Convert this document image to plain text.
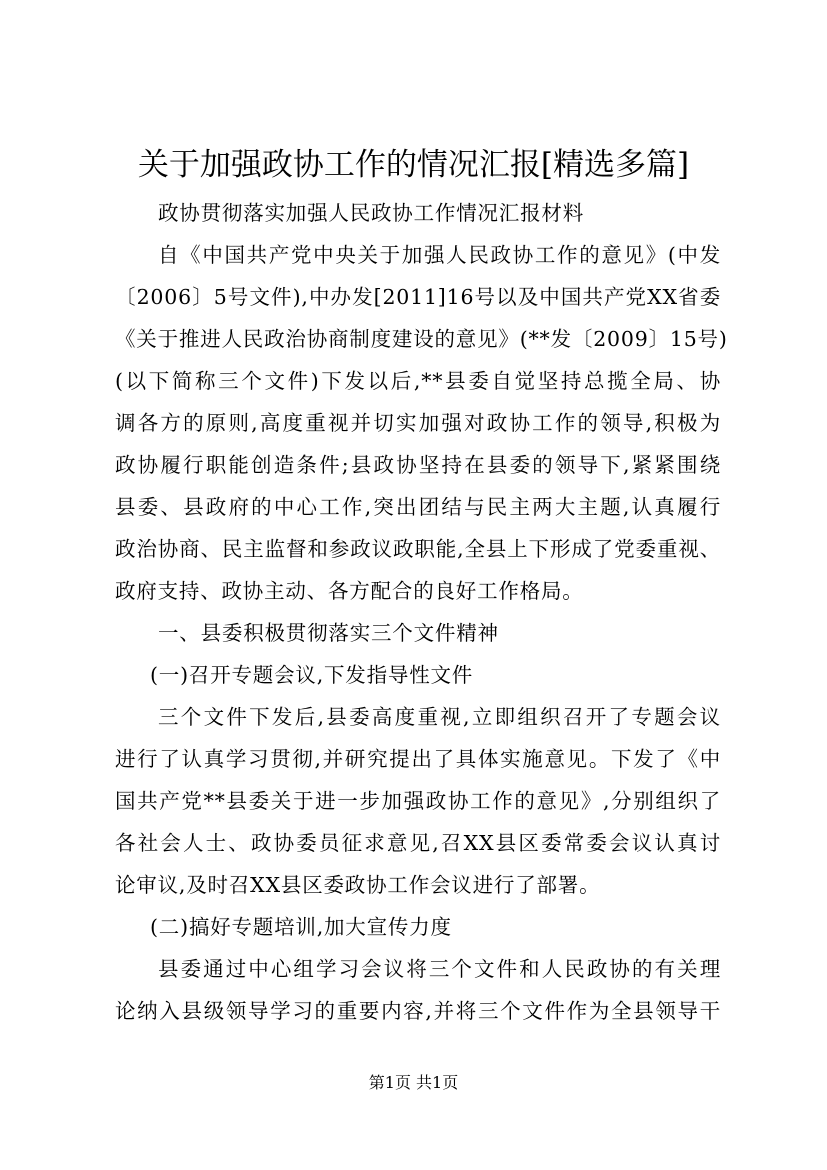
关于加强政协工作的情况汇报[精选多篇]
政协贯彻落实加强人民政协工作情况汇报材料
自《中国共产党中央关于加强人民政协工作的意见》(中发
〔2006〕5号文件),中办发[2011]16号以及中国共产党XX省委
《关于推进人民政治协商制度建设的意见》(**发〔2009〕15号)
(以下简称三个文件)下发以后,**县委自觉坚持总揽全局、协
调各方的原则,高度重视并切实加强对政协工作的领导,积极为
政协履行职能创造条件;县政协坚持在县委的领导下,紧紧围绕
县委、县政府的中心工作,突出团结与民主两大主题,认真履行
政治协商、民主监督和参政议政职能,全县上下形成了党委重视、
政府支持、政协主动、各方配合的良好工作格局。
一、县委积极贯彻落实三个文件精神
(一)召开专题会议,下发指导性文件
三个文件下发后,县委高度重视,立即组织召开了专题会议
进行了认真学习贯彻,并研究提出了具体实施意见。下发了《中
国共产党**县委关于进一步加强政协工作的意见》,分别组织了
各社会人士、政协委员征求意见,召XX县区委常委会议认真讨
论审议,及时召XX县区委政协工作会议进行了部署。
(二)搞好专题培训,加大宣传力度
县委通过中心组学习会议将三个文件和人民政协的有关理
论纳入县级领导学习的重要内容,并将三个文件作为全县领导干
第1页 共1页
